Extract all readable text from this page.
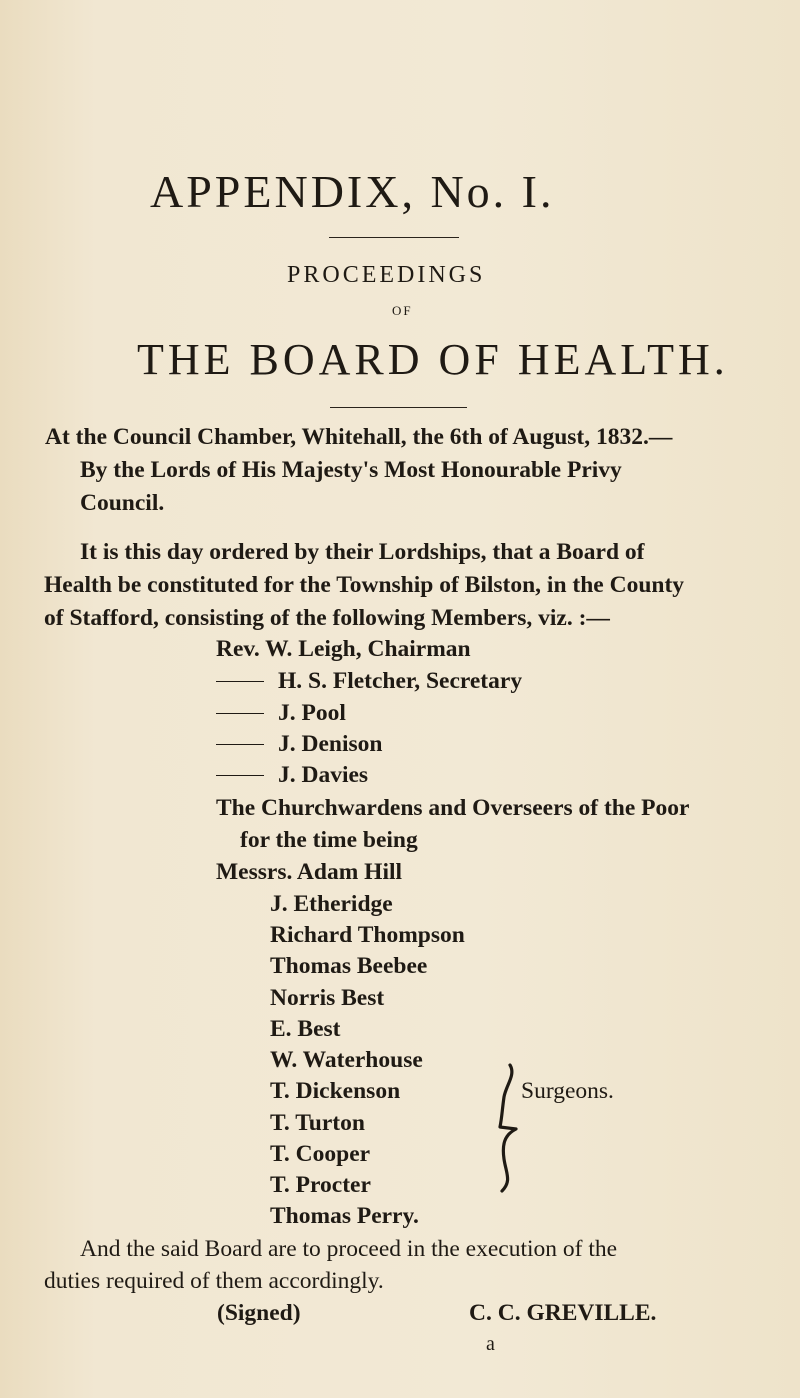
APPENDIX, No. I.
PROCEEDINGS
OF
THE BOARD OF HEALTH.
At the Council Chamber, Whitehall, the 6th of August, 1832.—
By the Lords of His Majesty's Most Honourable Privy
Council.
It is this day ordered by their Lordships, that a Board of
Health be constituted for the Township of Bilston, in the County
of Stafford, consisting of the following Members, viz. :—
Rev. W. Leigh, Chairman
H. S. Fletcher, Secretary
J. Pool
J. Denison
J. Davies
The Churchwardens and Overseers of the Poor
for the time being
Messrs. Adam Hill
J. Etheridge
Richard Thompson
Thomas Beebee
Norris Best
E. Best
W. Waterhouse
T. Dickenson
T. Turton
T. Cooper
T. Procter
Surgeons.
Thomas Perry.
And the said Board are to proceed in the execution of the
duties required of them accordingly.
(Signed)	C. C. GREVILLE.
a
